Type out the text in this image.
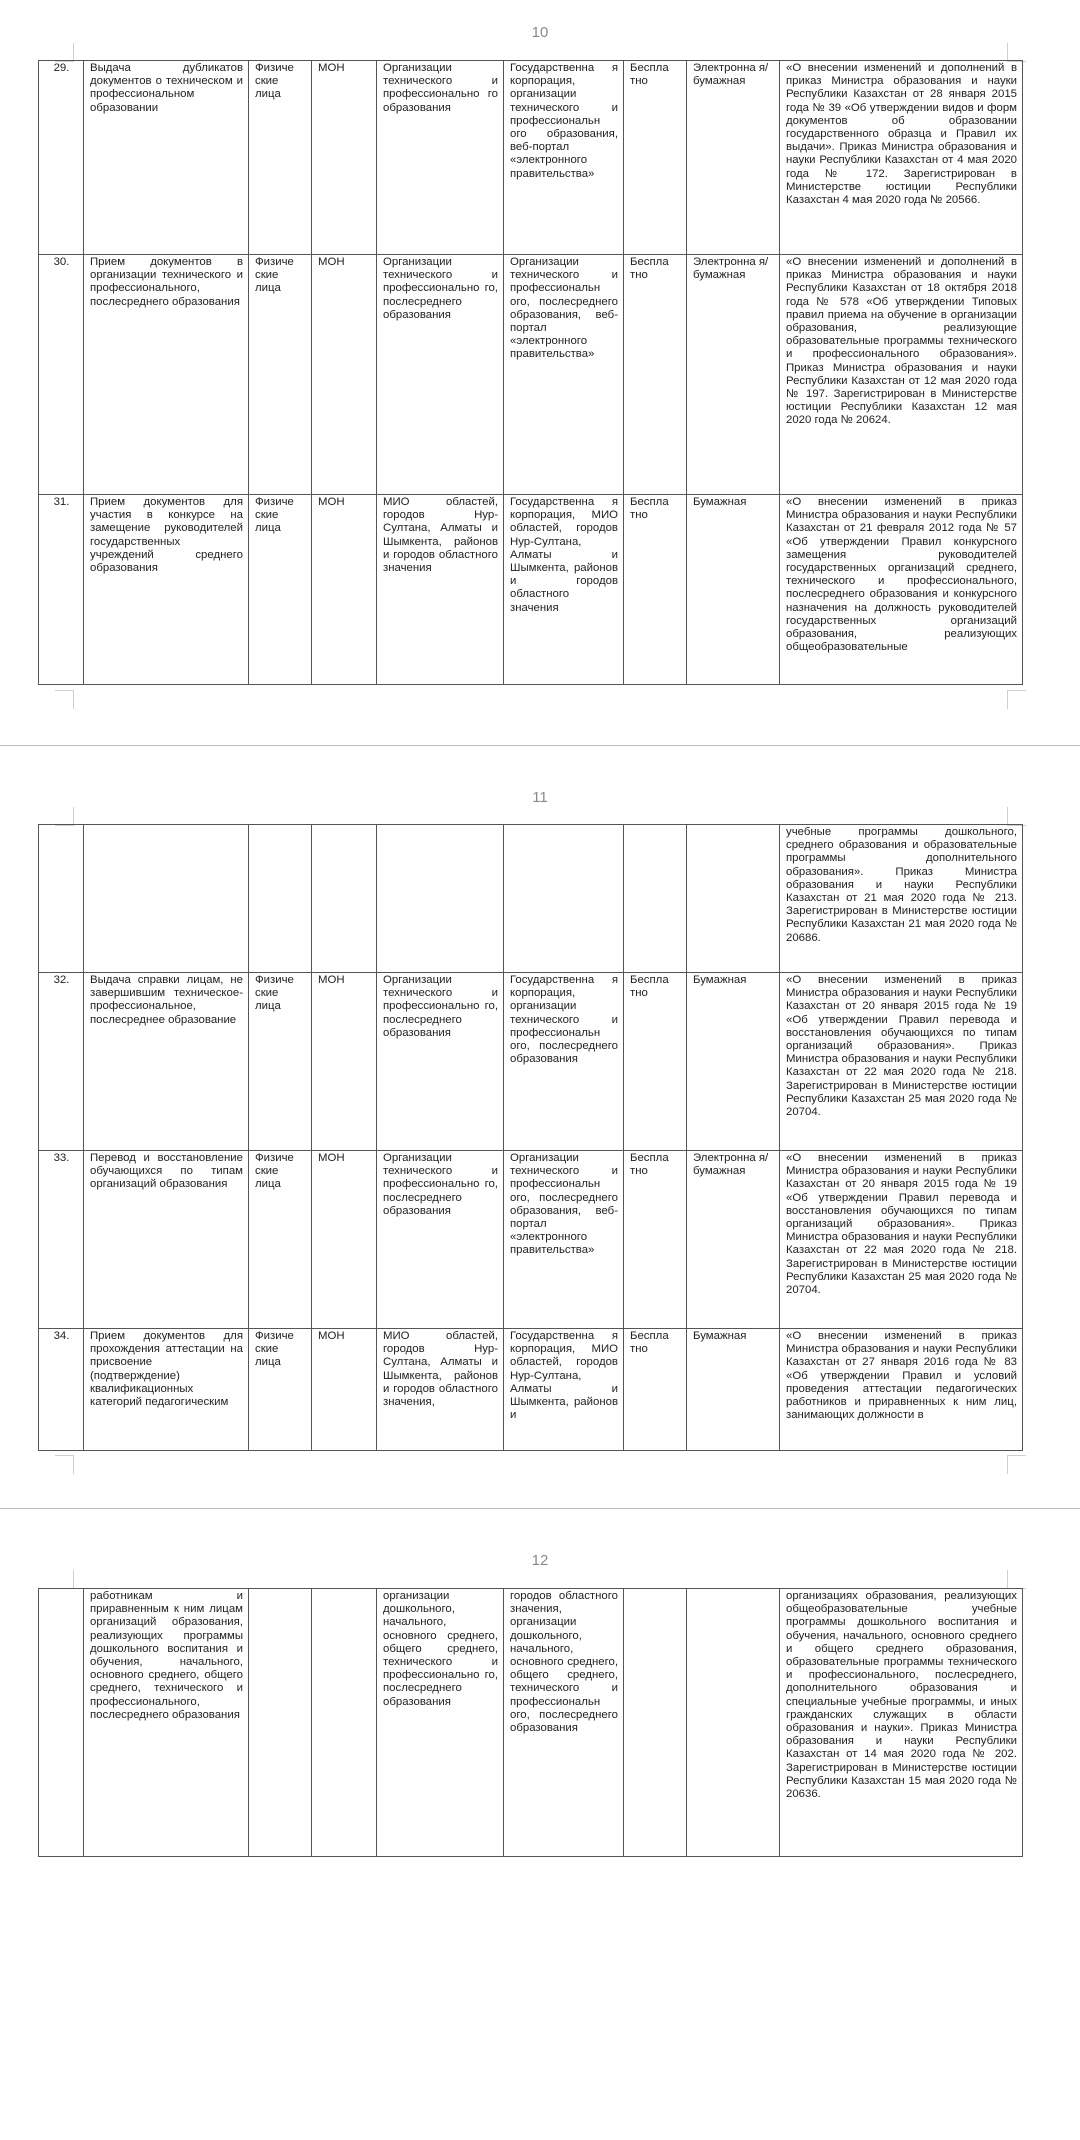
10
29.	Выдача дубликатов документов о техническом и профессиональном образовании	Физиче ские лица	МОН	Организации технического и профессионально го образования	Государственна я корпорация, организации технического и профессиональн ого образования, веб-портал «электронного правительства»	Беспла тно	Электронна я/бумажная	«О внесении изменений и дополнений в приказ Министра образования и науки Республики Казахстан от 28 января 2015 года № 39 «Об утверждении видов и форм документов об образовании государственного образца и Правил их выдачи». Приказ Министра образования и науки Республики Казахстан от 4 мая 2020 года № 172. Зарегистрирован в Министерстве юстиции Республики Казахстан 4 мая 2020 года № 20566.
30.	Прием документов в организации технического и профессионального, послесреднего образования	Физиче ские лица	МОН	Организации технического и профессионально го, послесреднего образования	Организации технического и профессиональн ого, послесреднего образования, веб-портал «электронного правительства»	Беспла тно	Электронна я/бумажная	«О внесении изменений и дополнений в приказ Министра образования и науки Республики Казахстан от 18 октября 2018 года № 578 «Об утверждении Типовых правил приема на обучение в организации образования, реализующие образовательные программы технического и профессионального образования». Приказ Министра образования и науки Республики Казахстан от 12 мая 2020 года № 197. Зарегистрирован в Министерстве юстиции Республики Казахстан 12 мая 2020 года № 20624.
31.	Прием документов для участия в конкурсе на замещение руководителей государственных учреждений среднего образования	Физиче ские лица	МОН	МИО областей, городов Нур-Султана, Алматы и Шымкента, районов и городов областного значения	Государственна я корпорация, МИО областей, городов Нур-Султана, Алматы и Шымкента, районов и городов областного значения	Беспла тно	Бумажная	«О внесении изменений в приказ Министра образования и науки Республики Казахстан от 21 февраля 2012 года № 57 «Об утверждении Правил конкурсного замещения руководителей государственных организаций среднего, технического и профессионального, послесреднего образования и конкурсного назначения на должность руководителей государственных организаций образования, реализующих общеобразовательные
11
								учебные программы дошкольного, среднего образования и образовательные программы дополнительного образования». Приказ Министра образования и науки Республики Казахстан от 21 мая 2020 года № 213. Зарегистрирован в Министерстве юстиции Республики Казахстан 21 мая 2020 года № 20686.
32.	Выдача справки лицам, не завершившим техническое-профессиональное, послесреднее образование	Физиче ские лица	МОН	Организации технического и профессионально го, послесреднего образования	Государственна я корпорация, организации технического и профессиональн ого, послесреднего образования	Беспла тно	Бумажная	«О внесении изменений в приказ Министра образования и науки Республики Казахстан от 20 января 2015 года № 19 «Об утверждении Правил перевода и восстановления обучающихся по типам организаций образования». Приказ Министра образования и науки Республики Казахстан от 22 мая 2020 года № 218. Зарегистрирован в Министерстве юстиции Республики Казахстан 25 мая 2020 года № 20704.
33.	Перевод и восстановление обучающихся по типам организаций образования	Физиче ские лица	МОН	Организации технического и профессионально го, послесреднего образования	Организации технического и профессиональн ого, послесреднего образования, веб-портал «электронного правительства»	Беспла тно	Электронна я/бумажная	«О внесении изменений в приказ Министра образования и науки Республики Казахстан от 20 января 2015 года № 19 «Об утверждении Правил перевода и восстановления обучающихся по типам организаций образования». Приказ Министра образования и науки Республики Казахстан от 22 мая 2020 года № 218. Зарегистрирован в Министерстве юстиции Республики Казахстан 25 мая 2020 года № 20704.
34.	Прием документов для прохождения аттестации на присвоение (подтверждение) квалификационных категорий педагогическим	Физиче ские лица	МОН	МИО областей, городов Нур-Султана, Алматы и Шымкента, районов и городов областного значения,	Государственна я корпорация, МИО областей, городов Нур-Султана, Алматы и Шымкента, районов и	Беспла тно	Бумажная	«О внесении изменений в приказ Министра образования и науки Республики Казахстан от 27 января 2016 года № 83 «Об утверждении Правил и условий проведения аттестации педагогических работников и приравненных к ним лиц, занимающих должности в
12
	работникам и приравненным к ним лицам организаций образования, реализующих программы дошкольного воспитания и обучения, начального, основного среднего, общего среднего, технического и профессионального, послесреднего образования			организации дошкольного, начального, основного среднего, общего среднего, технического и профессионально го, послесреднего образования	городов областного значения, организации дошкольного, начального, основного среднего, общего среднего, технического и профессиональн ого, послесреднего образования			организациях образования, реализующих общеобразовательные учебные программы дошкольного воспитания и обучения, начального, основного среднего и общего среднего образования, образовательные программы технического и профессионального, послесреднего, дополнительного образования и специальные учебные программы, и иных гражданских служащих в области образования и науки». Приказ Министра образования и науки Республики Казахстан от 14 мая 2020 года № 202. Зарегистрирован в Министерстве юстиции Республики Казахстан 15 мая 2020 года № 20636.
